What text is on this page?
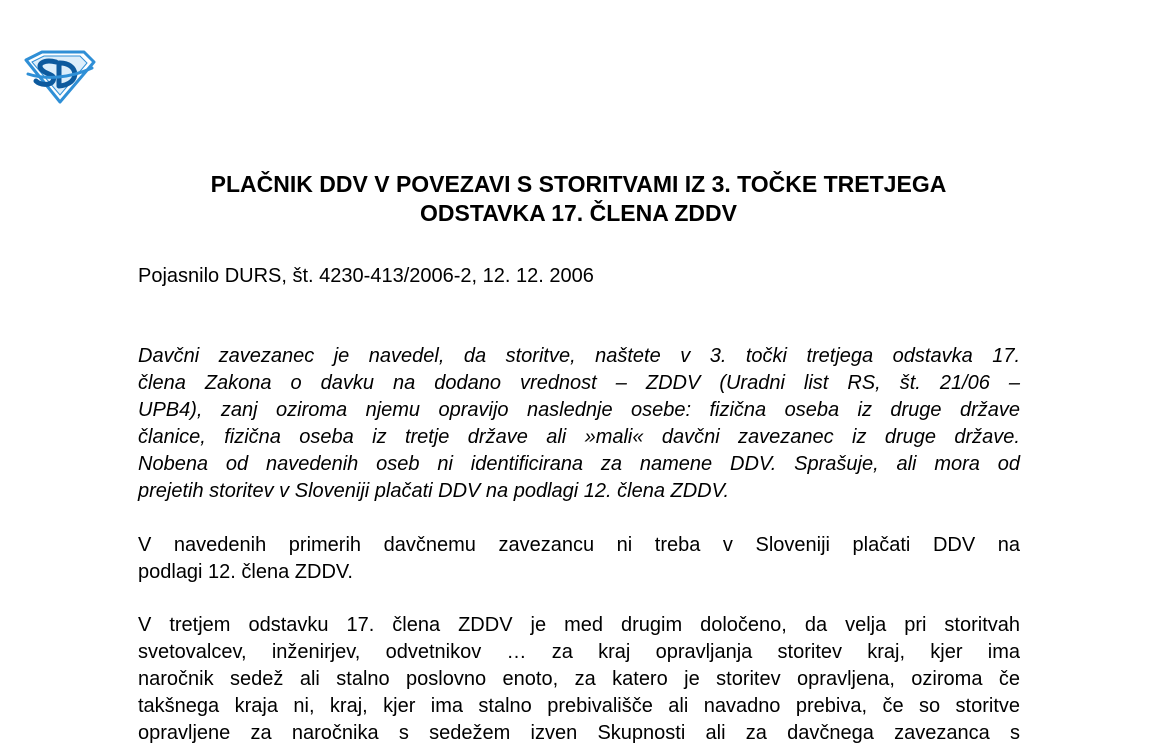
PLAČNIK DDV V POVEZAVI S STORITVAMI IZ 3. TOČKE TRETJEGA
ODSTAVKA 17. ČLENA ZDDV

Pojasnilo DURS, št. 4230-413/2006-2, 12. 12. 2006

Davčni zavezanec je navedel, da storitve, naštete v 3. točki tretjega odstavka 17.
člena Zakona o davku na dodano vrednost – ZDDV (Uradni list RS, št. 21/06 –
UPB4), zanj oziroma njemu opravijo naslednje osebe: fizična oseba iz druge države
članice, fizična oseba iz tretje države ali »mali« davčni zavezanec iz druge države.
Nobena od navedenih oseb ni identificirana za namene DDV. Sprašuje, ali mora od
prejetih storitev v Sloveniji plačati DDV na podlagi 12. člena ZDDV.

V navedenih primerih davčnemu zavezancu ni treba v Sloveniji plačati DDV na
podlagi 12. člena ZDDV.

V tretjem odstavku 17. člena ZDDV je med drugim določeno, da velja pri storitvah
svetovalcev, inženirjev, odvetnikov … za kraj opravljanja storitev kraj, kjer ima
naročnik sedež ali stalno poslovno enoto, za katero je storitev opravljena, oziroma če
takšnega kraja ni, kraj, kjer ima stalno prebivališče ali navadno prebiva, če so storitve
opravljene za naročnika s sedežem izven Skupnosti ali za davčnega zavezanca s
